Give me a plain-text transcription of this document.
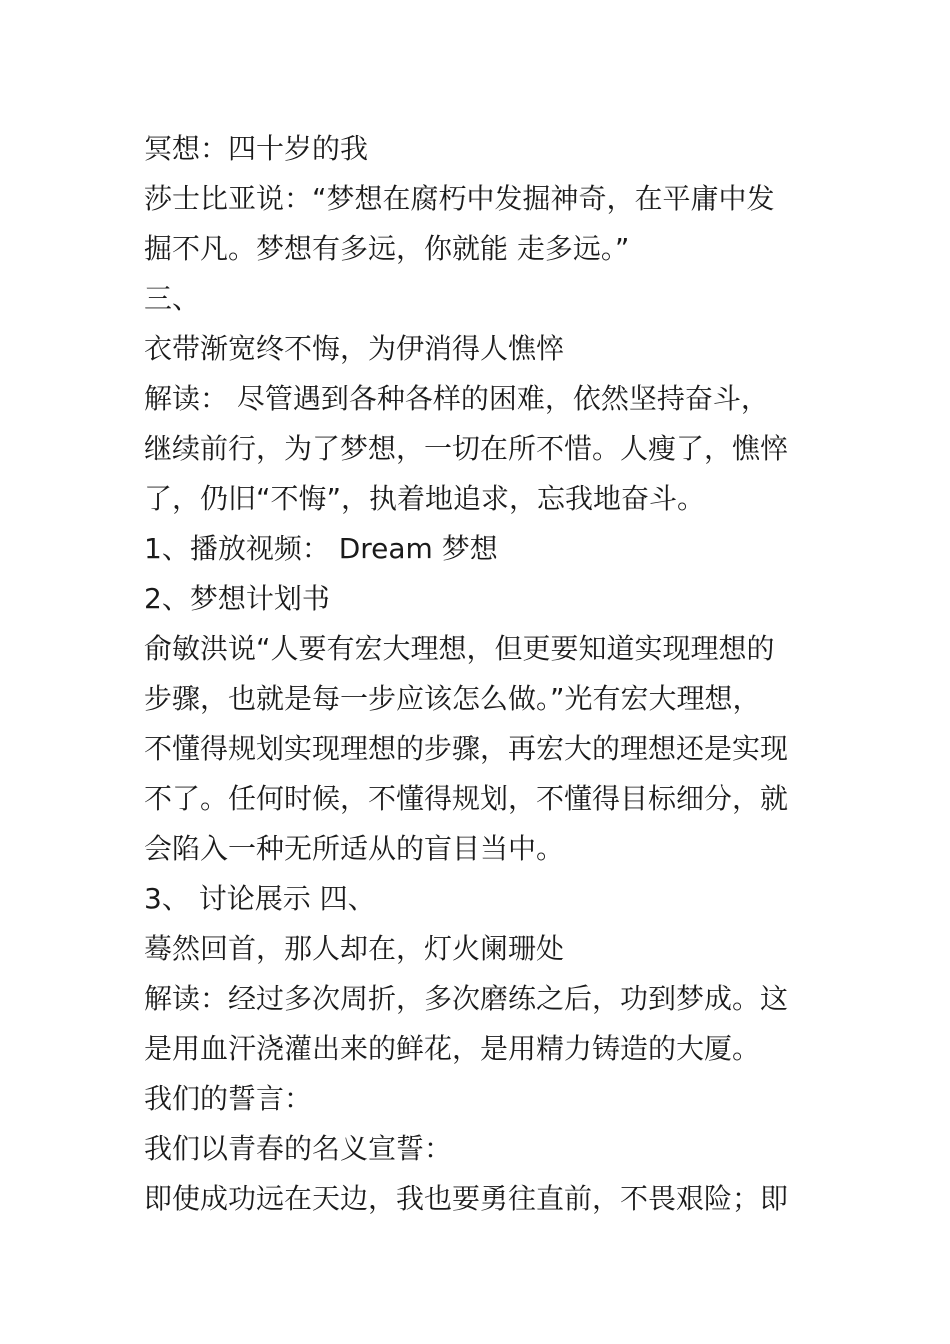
冥想：四十岁的我
莎士比亚说：“梦想在腐朽中发掘神奇，在平庸中发
掘不凡。梦想有多远，你就能 走多远。”
三、
衣带渐宽终不悔，为伊消得人憔悴
解读： 尽管遇到各种各样的困难，依然坚持奋斗，
继续前行，为了梦想，一切在所不惜。人瘦了，憔悴
了，仍旧“不悔”，执着地追求，忘我地奋斗。
1、播放视频： Dream 梦想
2、梦想计划书
俞敏洪说“人要有宏大理想，但更要知道实现理想的
步骤，也就是每一步应该怎么做。”光有宏大理想，
不懂得规划实现理想的步骤，再宏大的理想还是实现
不了。任何时候，不懂得规划，不懂得目标细分，就
会陷入一种无所适从的盲目当中。
3、 讨论展示 四、
蓦然回首，那人却在，灯火阑珊处
解读：经过多次周折，多次磨练之后，功到梦成。这
是用血汗浇灌出来的鲜花，是用精力铸造的大厦。
我们的誓言：
我们以青春的名义宣誓：
即使成功远在天边，我也要勇往直前，不畏艰险；即
